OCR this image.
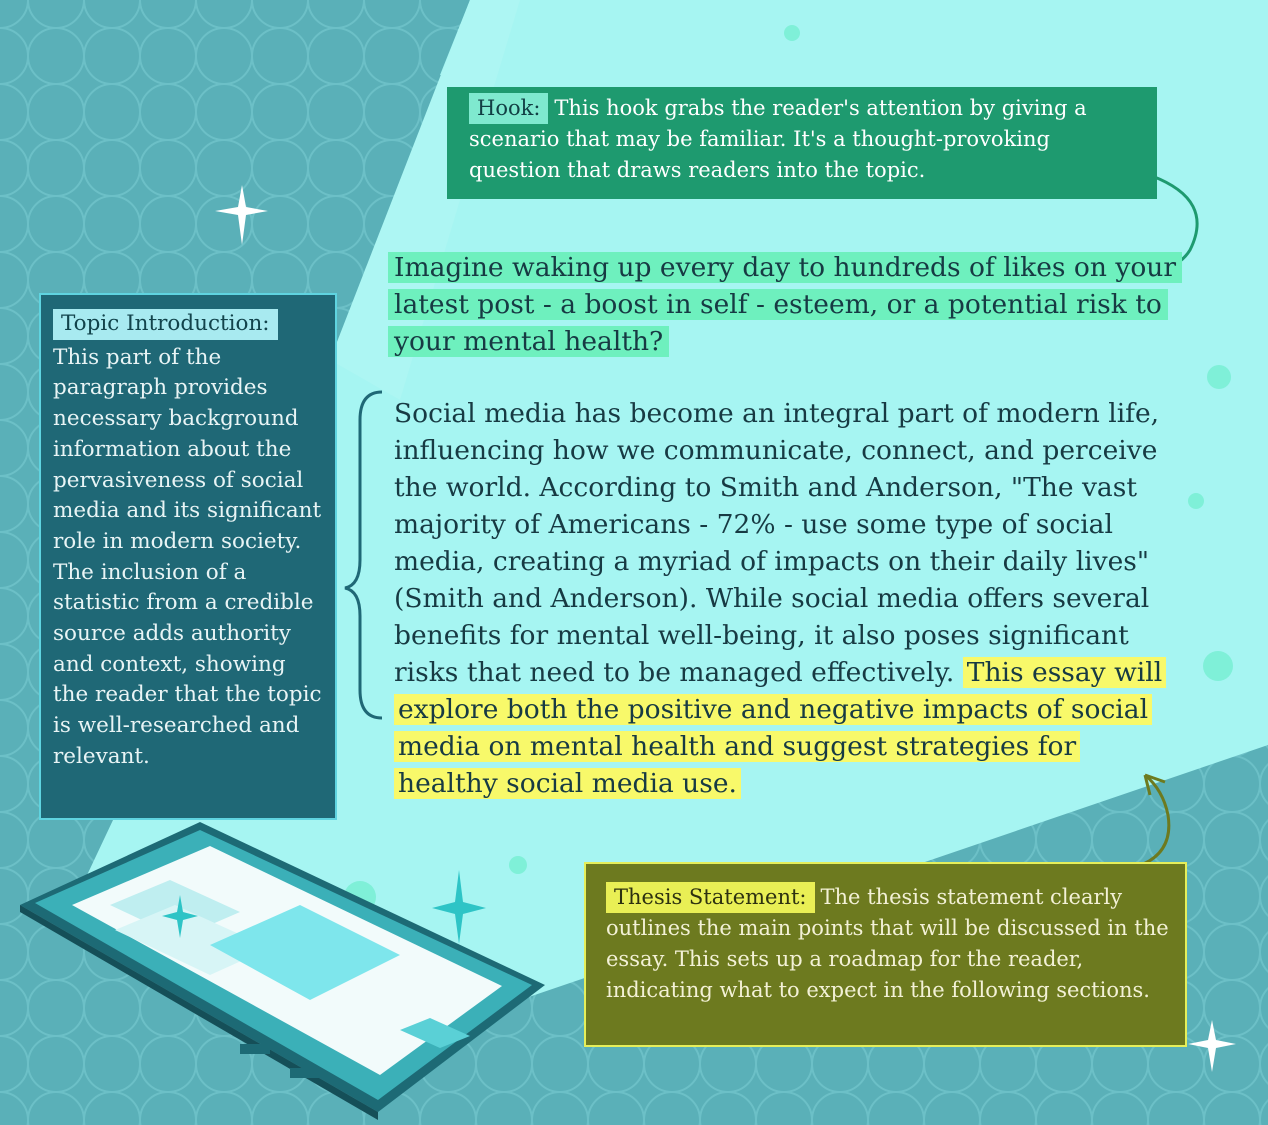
Hook: This hook grabs the reader's attention by giving a scenario that may be familiar. It's a thought-provoking question that draws readers into the topic.
Topic Introduction:
This part of the paragraph provides necessary background information about the pervasiveness of social media and its significant role in modern society. The inclusion of a statistic from a credible source adds authority and context, showing the reader that the topic is well-researched and relevant.
Imagine waking up every day to hundreds of likes on your latest post - a boost in self - esteem, or a potential risk to your mental health?
Social media has become an integral part of modern life, influencing how we communicate, connect, and perceive the world. According to Smith and Anderson, "The vast majority of Americans - 72% - use some type of social media, creating a myriad of impacts on their daily lives" (Smith and Anderson). While social media offers several benefits for mental well-being, it also poses significant risks that need to be managed effectively. This essay will explore both the positive and negative impacts of social media on mental health and suggest strategies for healthy social media use.
Thesis Statement: The thesis statement clearly outlines the main points that will be discussed in the essay. This sets up a roadmap for the reader, indicating what to expect in the following sections.
